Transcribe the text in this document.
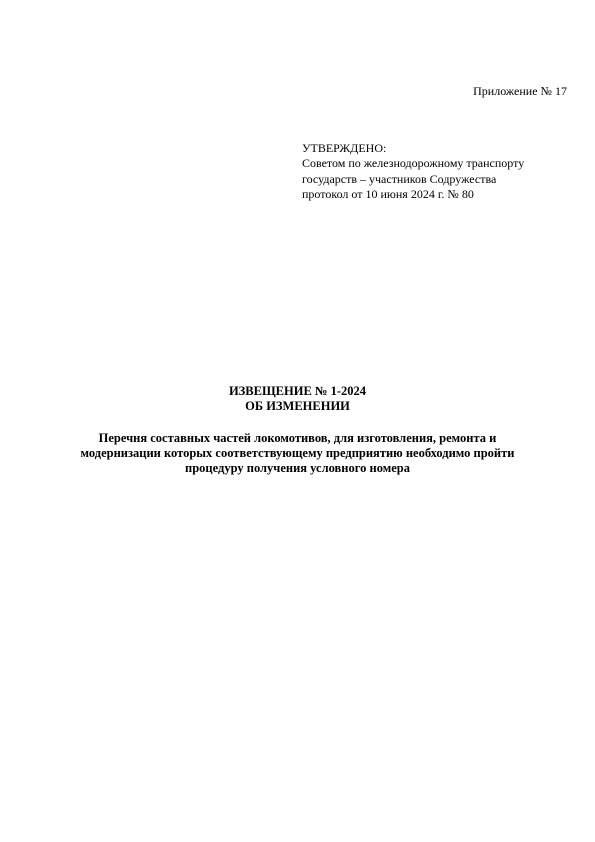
Приложение № 17
УТВЕРЖДЕНО:
Советом по железнодорожному транспорту
государств – участников Содружества
протокол от 10 июня 2024 г. № 80
ИЗВЕЩЕНИЕ № 1-2024
ОБ ИЗМЕНЕНИИ
Перечня составных частей локомотивов, для изготовления, ремонта и
модернизации которых соответствующему предприятию необходимо пройти
процедуру получения условного номера
